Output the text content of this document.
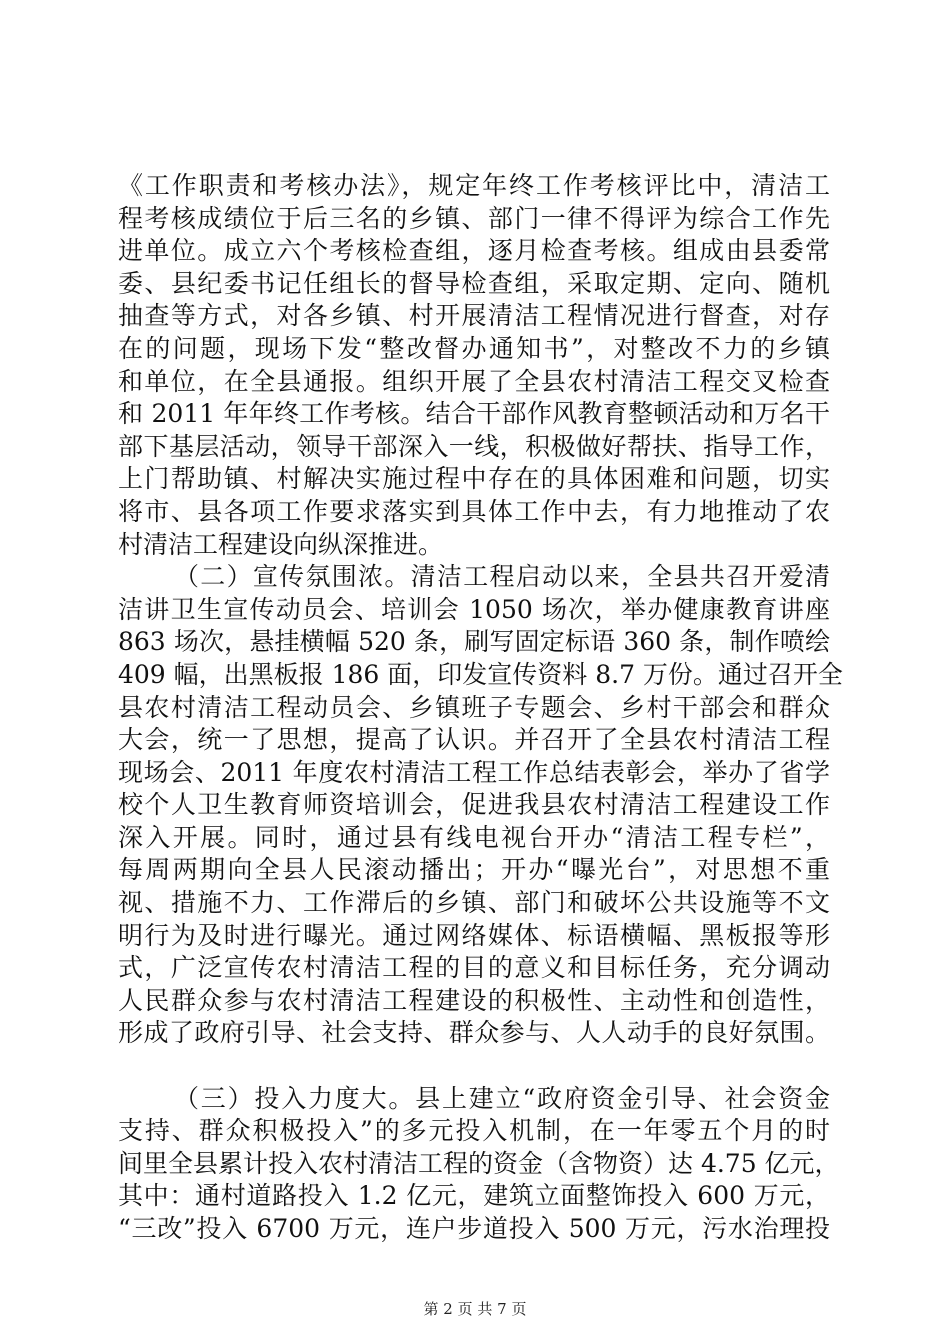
《工作职责和考核办法》，规定年终工作考核评比中，清洁工
程考核成绩位于后三名的乡镇、部门一律不得评为综合工作先
进单位。成立六个考核检查组，逐月检查考核。组成由县委常
委、县纪委书记任组长的督导检查组，采取定期、定向、随机
抽查等方式，对各乡镇、村开展清洁工程情况进行督查，对存
在的问题，现场下发“整改督办通知书”，对整改不力的乡镇
和单位，在全县通报。组织开展了全县农村清洁工程交叉检查
和 2011 年年终工作考核。结合干部作风教育整顿活动和万名干
部下基层活动，领导干部深入一线，积极做好帮扶、指导工作，
上门帮助镇、村解决实施过程中存在的具体困难和问题，切实
将市、县各项工作要求落实到具体工作中去，有力地推动了农
村清洁工程建设向纵深推进。
（二）宣传氛围浓。清洁工程启动以来，全县共召开爱清
洁讲卫生宣传动员会、培训会 1050 场次，举办健康教育讲座
863 场次，悬挂横幅 520 条，刷写固定标语 360 条，制作喷绘
409 幅，出黑板报 186 面，印发宣传资料 8.7 万份。通过召开全
县农村清洁工程动员会、乡镇班子专题会、乡村干部会和群众
大会，统一了思想，提高了认识。并召开了全县农村清洁工程
现场会、2011 年度农村清洁工程工作总结表彰会，举办了省学
校个人卫生教育师资培训会，促进我县农村清洁工程建设工作
深入开展。同时，通过县有线电视台开办“清洁工程专栏”，
每周两期向全县人民滚动播出；开办“曝光台”，对思想不重
视、措施不力、工作滞后的乡镇、部门和破坏公共设施等不文
明行为及时进行曝光。通过网络媒体、标语横幅、黑板报等形
式，广泛宣传农村清洁工程的目的意义和目标任务，充分调动
人民群众参与农村清洁工程建设的积极性、主动性和创造性，
形成了政府引导、社会支持、群众参与、人人动手的良好氛围。
（三）投入力度大。县上建立“政府资金引导、社会资金
支持、群众积极投入”的多元投入机制，在一年零五个月的时
间里全县累计投入农村清洁工程的资金（含物资）达 4.75 亿元，
其中：通村道路投入 1.2 亿元，建筑立面整饰投入 600 万元，
“三改”投入 6700 万元，连户步道投入 500 万元，污水治理投
第 2 页 共 7 页
